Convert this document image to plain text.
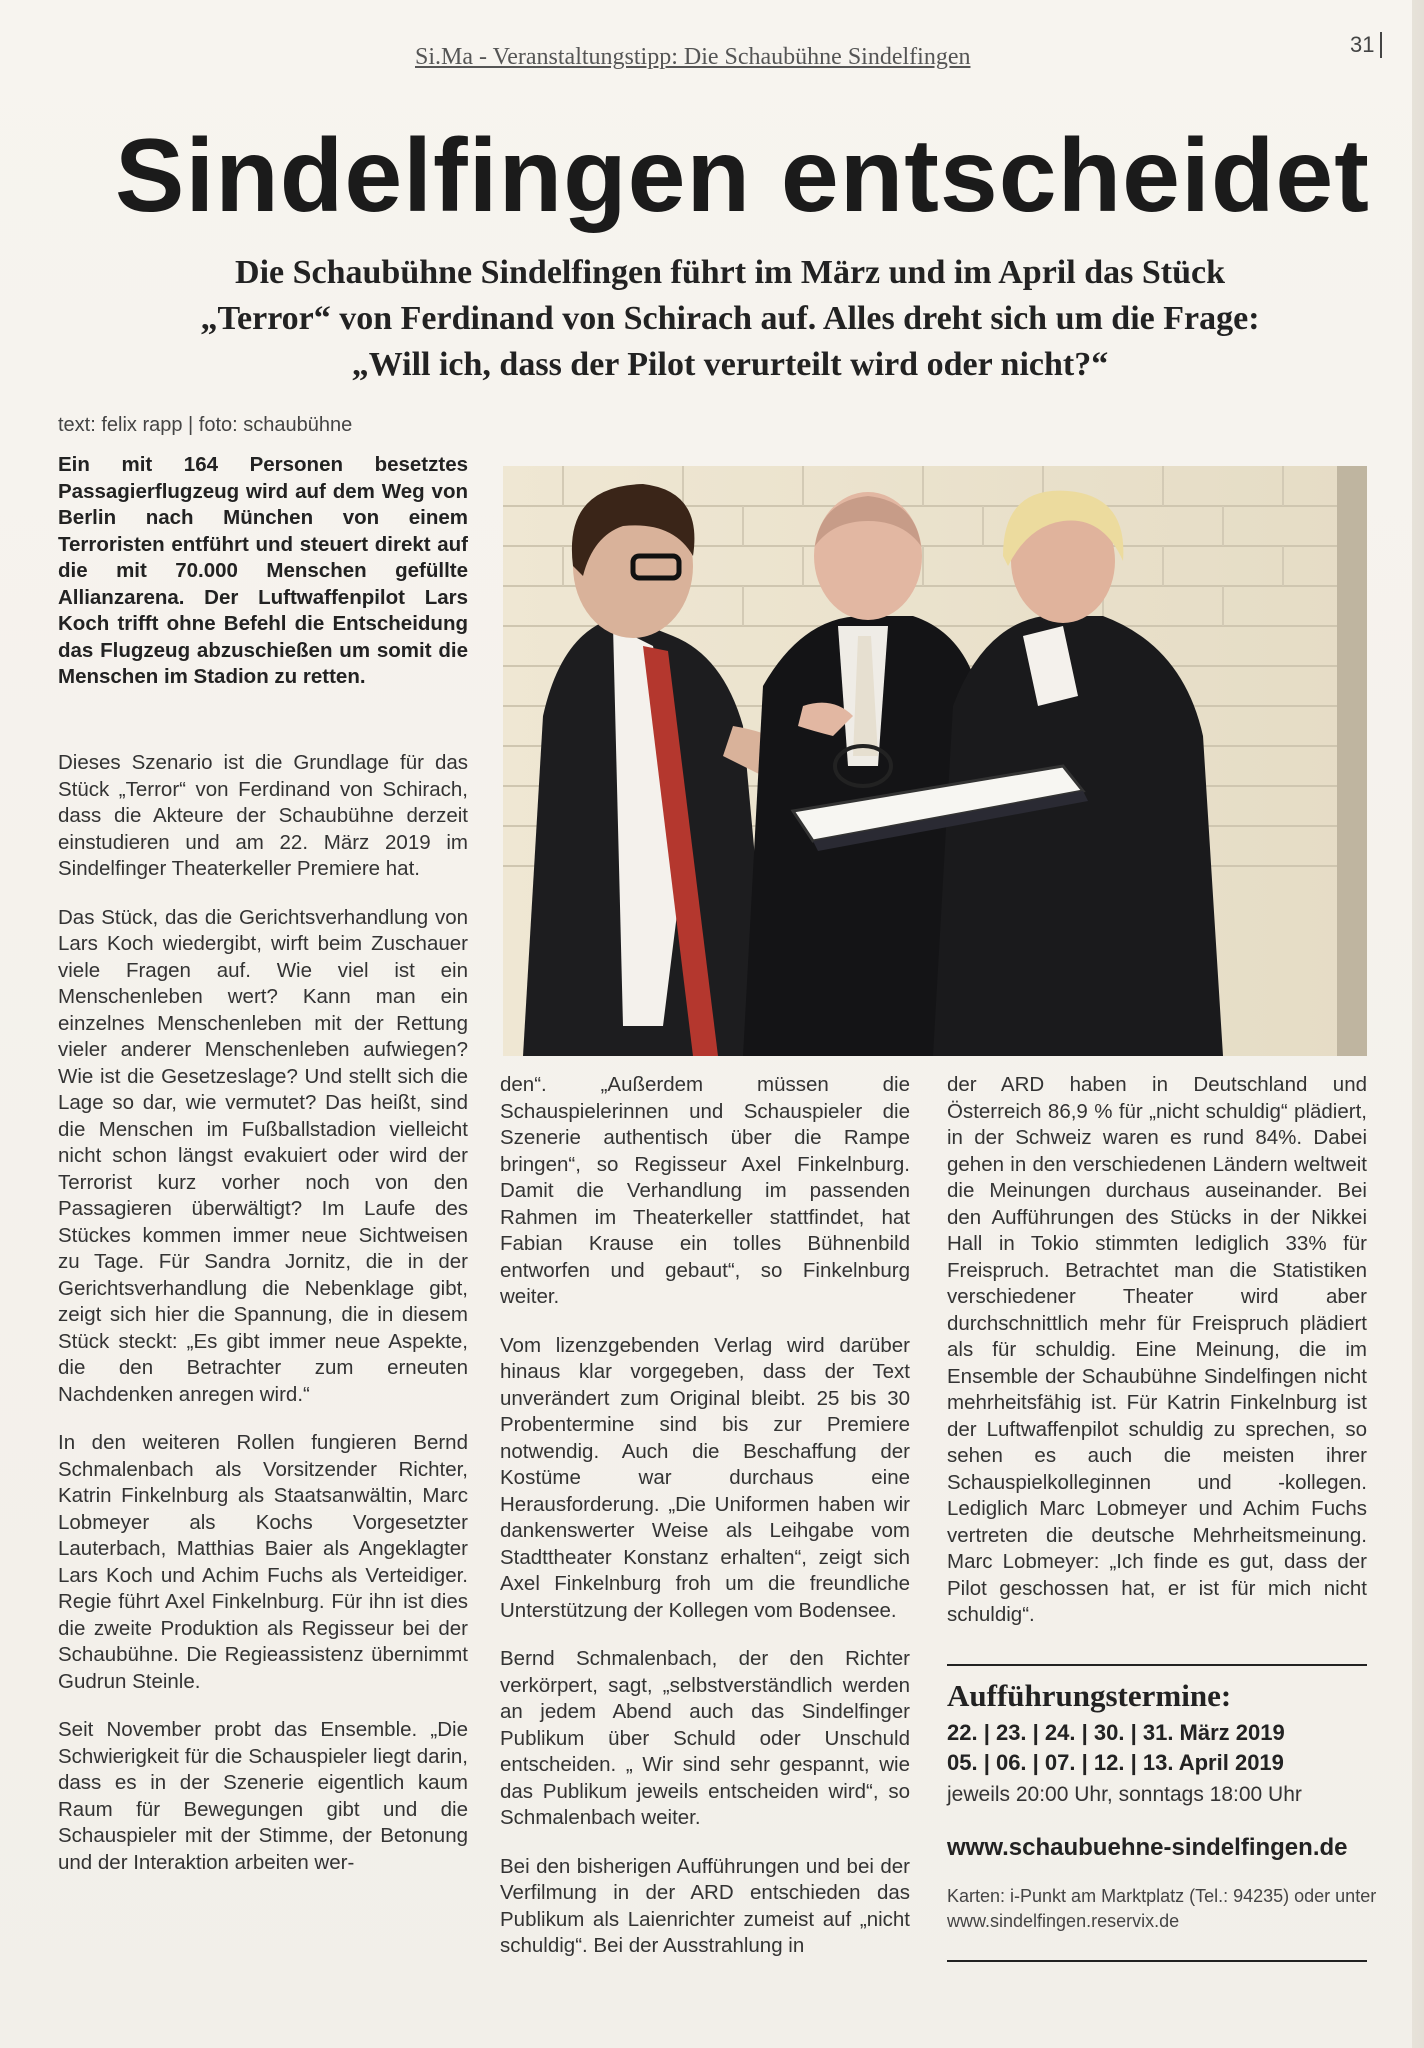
Si.Ma - Veranstaltungstipp: Die Schaubühne Sindelfingen	31
Sindelfingen entscheidet
Die Schaubühne Sindelfingen führt im März und im April das Stück
„Terror“ von Ferdinand von Schirach auf. Alles dreht sich um die Frage:
„Will ich, dass der Pilot verurteilt wird oder nicht?“
text: felix rapp | foto: schaubühne

Ein mit 164 Personen besetztes Passagierflugzeug wird auf dem Weg von Berlin nach München von einem Terroristen entführt und steuert direkt auf die mit 70.000 Menschen gefüllte Allianzarena. Der Luftwaffenpilot Lars Koch trifft ohne Befehl die Entscheidung das Flugzeug abzuschießen um somit die Menschen im Stadion zu retten.

Dieses Szenario ist die Grundlage für das Stück „Terror“ von Ferdinand von Schirach, dass die Akteure der Schaubühne derzeit einstudieren und am 22. März 2019 im Sindelfinger Theaterkeller Premiere hat.

Das Stück, das die Gerichtsverhandlung von Lars Koch wiedergibt, wirft beim Zuschauer viele Fragen auf. Wie viel ist ein Menschenleben wert? Kann man ein einzelnes Menschenleben mit der Rettung vieler anderer Menschenleben aufwiegen? Wie ist die Gesetzeslage? Und stellt sich die Lage so dar, wie vermutet? Das heißt, sind die Menschen im Fußballstadion vielleicht nicht schon längst evakuiert oder wird der Terrorist kurz vorher noch von den Passagieren überwältigt? Im Laufe des Stückes kommen immer neue Sichtweisen zu Tage. Für Sandra Jornitz, die in der Gerichtsverhandlung die Nebenklage gibt, zeigt sich hier die Spannung, die in diesem Stück steckt: „Es gibt immer neue Aspekte, die den Betrachter zum erneuten Nachdenken anregen wird.“

In den weiteren Rollen fungieren Bernd Schmalenbach als Vorsitzender Richter, Katrin Finkelnburg als Staatsanwältin, Marc Lobmeyer als Kochs Vorgesetzter Lauterbach, Matthias Baier als Angeklagter Lars Koch und Achim Fuchs als Verteidiger. Regie führt Axel Finkelnburg. Für ihn ist dies die zweite Produktion als Regisseur bei der Schaubühne. Die Regieassistenz übernimmt Gudrun Steinle.

Seit November probt das Ensemble. „Die Schwierigkeit für die Schauspieler liegt darin, dass es in der Szenerie eigentlich kaum Raum für Bewegungen gibt und die Schauspieler mit der Stimme, der Betonung und der Interaktion arbeiten wer-

den“. „Außerdem müssen die Schauspielerinnen und Schauspieler die Szenerie authentisch über die Rampe bringen“, so Regisseur Axel Finkelnburg. Damit die Verhandlung im passenden Rahmen im Theaterkeller stattfindet, hat Fabian Krause ein tolles Bühnenbild entworfen und gebaut“, so Finkelnburg weiter.

Vom lizenzgebenden Verlag wird darüber hinaus klar vorgegeben, dass der Text unverändert zum Original bleibt. 25 bis 30 Probentermine sind bis zur Premiere notwendig. Auch die Beschaffung der Kostüme war durchaus eine Herausforderung. „Die Uniformen haben wir dankenswerter Weise als Leihgabe vom Stadttheater Konstanz erhalten“, zeigt sich Axel Finkelnburg froh um die freundliche Unterstützung der Kollegen vom Bodensee.

Bernd Schmalenbach, der den Richter verkörpert, sagt, „selbstverständlich werden an jedem Abend auch das Sindelfinger Publikum über Schuld oder Unschuld entscheiden. „ Wir sind sehr gespannt, wie das Publikum jeweils entscheiden wird“, so Schmalenbach weiter.

Bei den bisherigen Aufführungen und bei der Verfilmung in der ARD entschieden das Publikum als Laienrichter zumeist auf „nicht schuldig“. Bei der Ausstrahlung in

der ARD haben in Deutschland und Österreich 86,9 % für „nicht schuldig“ plädiert, in der Schweiz waren es rund 84%. Dabei gehen in den verschiedenen Ländern weltweit die Meinungen durchaus auseinander. Bei den Aufführungen des Stücks in der Nikkei Hall in Tokio stimmten lediglich 33% für Freispruch. Betrachtet man die Statistiken verschiedener Theater wird aber durchschnittlich mehr für Freispruch plädiert als für schuldig. Eine Meinung, die im Ensemble der Schaubühne Sindelfingen nicht mehrheitsfähig ist. Für Katrin Finkelnburg ist der Luftwaffenpilot schuldig zu sprechen, so sehen es auch die meisten ihrer Schauspielkolleginnen und -kollegen. Lediglich Marc Lobmeyer und Achim Fuchs vertreten die deutsche Mehrheitsmeinung. Marc Lobmeyer: „Ich finde es gut, dass der Pilot geschossen hat, er ist für mich nicht schuldig“.

Aufführungstermine:
22. | 23. | 24. | 30. | 31. März 2019
05. | 06. | 07. | 12. | 13. April 2019
jeweils 20:00 Uhr, sonntags 18:00 Uhr
www.schaubuehne-sindelfingen.de
Karten: i-Punkt am Marktplatz (Tel.: 94235) oder unter www.sindelfingen.reservix.de
